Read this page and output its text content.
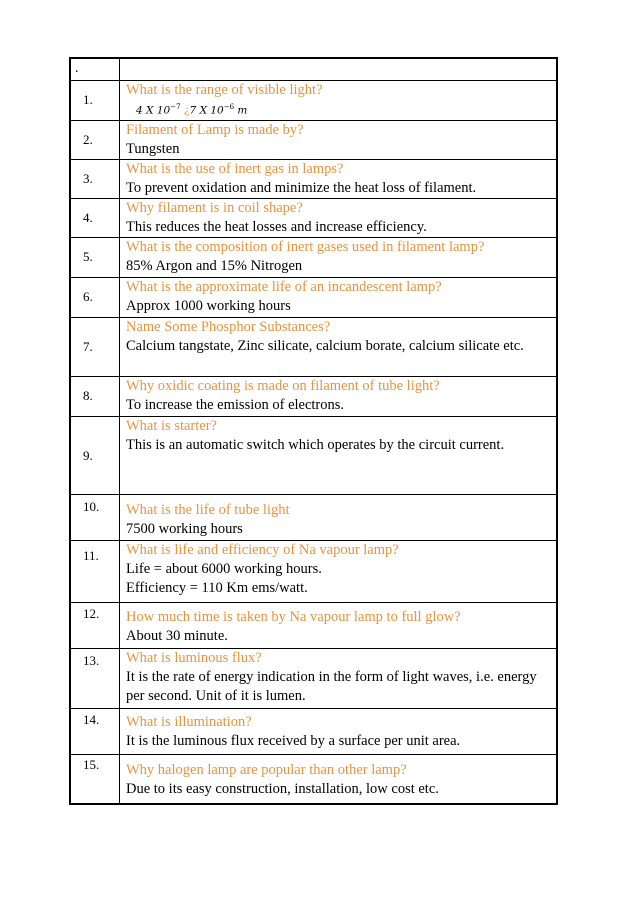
.	

1.	What is the range of visible light?
4 X $10^{-7}$ ¿7 X $10^{-6}$ m

2.	Filament of Lamp is made by?
Tungsten

3.	What is the use of inert gas in lamps?
To prevent oxidation and minimize the heat loss of filament.

4.	Why filament is in coil shape?
This reduces the heat losses and increase efficiency.

5.	What is the composition of inert gases used in filament lamp?
85% Argon and 15% Nitrogen

6.	What is the approximate life of an incandescent lamp?
Approx 1000 working hours

7.	Name Some Phosphor Substances?
Calcium tangstate, Zinc silicate, calcium borate, calcium silicate etc.

8.	Why oxidic coating is made on filament of tube light?
To increase the emission of electrons.

9.	What is starter?
This is an automatic switch which operates by the circuit current.

10.	What is the life of tube light
7500 working hours

11.	What is life and efficiency of Na vapour lamp?
Life = about 6000 working hours.
Efficiency = 110 Km ems/watt.

12.	How much time is taken by Na vapour lamp to full glow?
About 30 minute.

13.	What is luminous flux?
It is the rate of energy indication in the form of light waves, i.e. energy per second. Unit of it is lumen.

14.	What is illumination?
It is the luminous flux received by a surface per unit area.

15.	Why halogen lamp are popular than other lamp?
Due to its easy construction, installation, low cost etc.
